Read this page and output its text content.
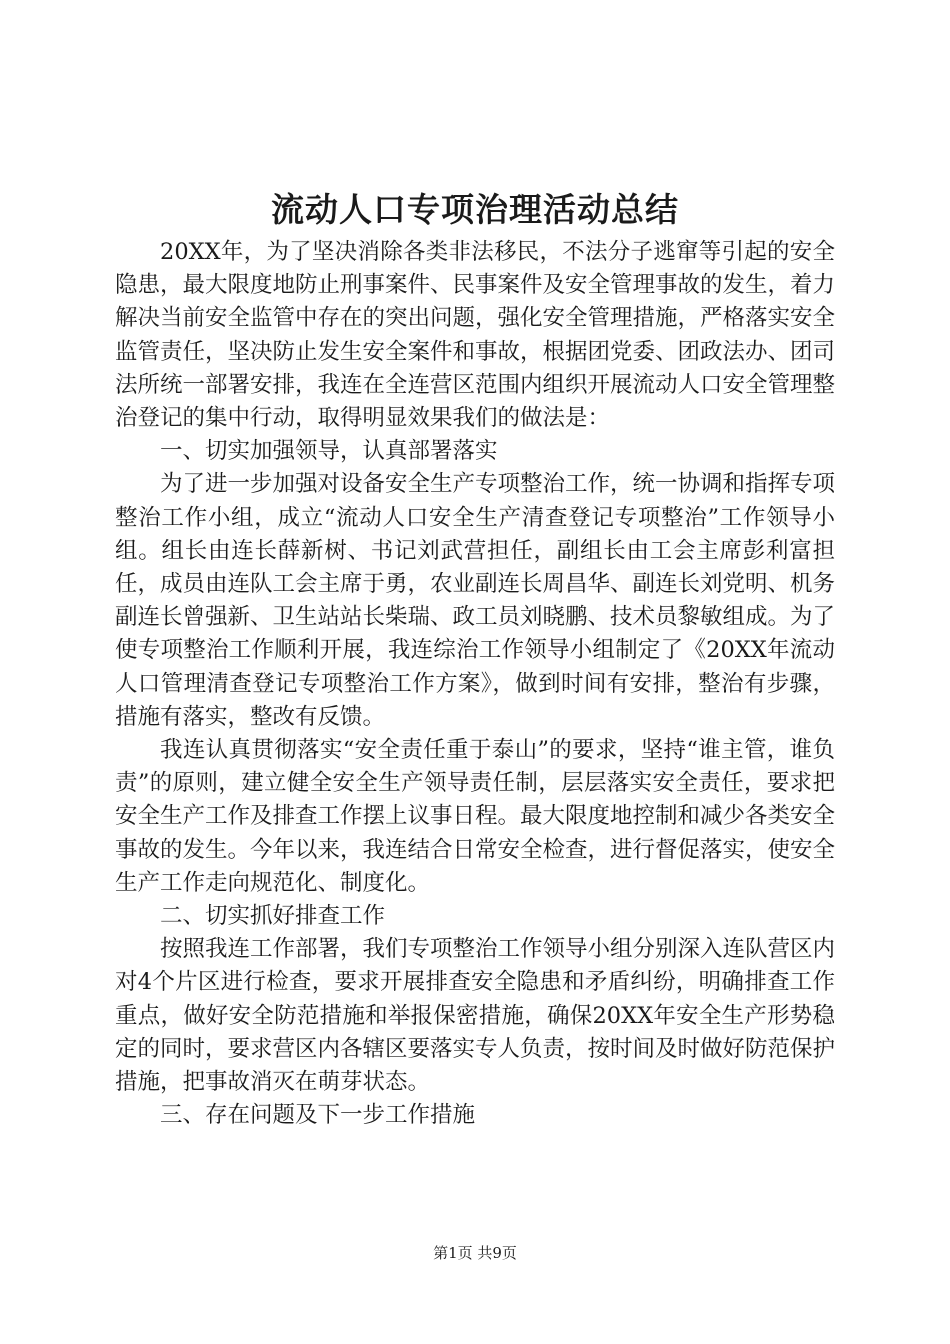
流动人口专项治理活动总结

20XX年，为了坚决消除各类非法移民，不法分子逃窜等引起的安全隐患，最大限度地防止刑事案件、民事案件及安全管理事故的发生，着力解决当前安全监管中存在的突出问题，强化安全管理措施，严格落实安全监管责任，坚决防止发生安全案件和事故，根据团党委、团政法办、团司法所统一部署安排，我连在全连营区范围内组织开展流动人口安全管理整治登记的集中行动，取得明显效果我们的做法是：

一、切实加强领导，认真部署落实

为了进一步加强对设备安全生产专项整治工作，统一协调和指挥专项整治工作小组，成立“流动人口安全生产清查登记专项整治”工作领导小组。组长由连长薛新树、书记刘武营担任，副组长由工会主席彭利富担任，成员由连队工会主席于勇，农业副连长周昌华、副连长刘党明、机务副连长曾强新、卫生站站长柴瑞、政工员刘晓鹏、技术员黎敏组成。为了使专项整治工作顺利开展，我连综治工作领导小组制定了《20XX年流动人口管理清查登记专项整治工作方案》，做到时间有安排，整治有步骤，措施有落实，整改有反馈。

我连认真贯彻落实“安全责任重于泰山”的要求，坚持“谁主管，谁负责”的原则，建立健全安全生产领导责任制，层层落实安全责任，要求把安全生产工作及排查工作摆上议事日程。最大限度地控制和减少各类安全事故的发生。今年以来，我连结合日常安全检查，进行督促落实，使安全生产工作走向规范化、制度化。

二、切实抓好排查工作

按照我连工作部署，我们专项整治工作领导小组分别深入连队营区内对4个片区进行检查，要求开展排查安全隐患和矛盾纠纷，明确排查工作重点，做好安全防范措施和举报保密措施，确保20XX年安全生产形势稳定的同时，要求营区内各辖区要落实专人负责，按时间及时做好防范保护措施，把事故消灭在萌芽状态。

三、存在问题及下一步工作措施

第1页 共9页
